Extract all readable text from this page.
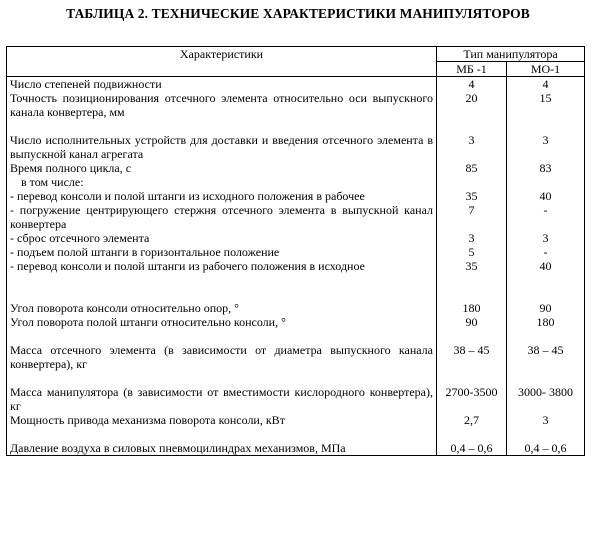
ТАБЛИЦА 2. ТЕХНИЧЕСКИЕ ХАРАКТЕРИСТИКИ МАНИПУЛЯТОРОВ
Характеристики	Тип манипулятора	
	МБ -1	МО-1
Число степеней подвижности	4	4
Точность позиционирования отсечного элемента относительно оси выпускного канала конвертера, мм	20	15
Число исполнительных устройств для доставки и введения отсечного элемента в выпускной канал агрегата	3	3
Время полного цикла, с	85	83
в том числе:		
- перевод консоли и полой штанги из исходного положения в рабочее	35	40
- погружение центрирующего стержня отсечного элемента в выпускной канал конвертера	7	-
- сброс отсечного элемента	3	3
- подъем полой штанги в горизонтальное положение	5	-
- перевод консоли и полой штанги из рабочего положения в исходное	35	40
Угол поворота консоли относительно опор, °	180	90
Угол поворота полой штанги относительно консоли, °	90	180
Масса отсечного элемента (в зависимости от диаметра выпускного канала конвертера), кг	38 – 45	38 – 45
Масса манипулятора (в зависимости от вместимости кислородного конвертера), кг	2700-3500	3000- 3800
Мощность привода механизма поворота консоли, кВт	2,7	3
Давление воздуха в силовых пневмоцилиндрах механизмов, МПа	0,4 – 0,6	0,4 – 0,6
